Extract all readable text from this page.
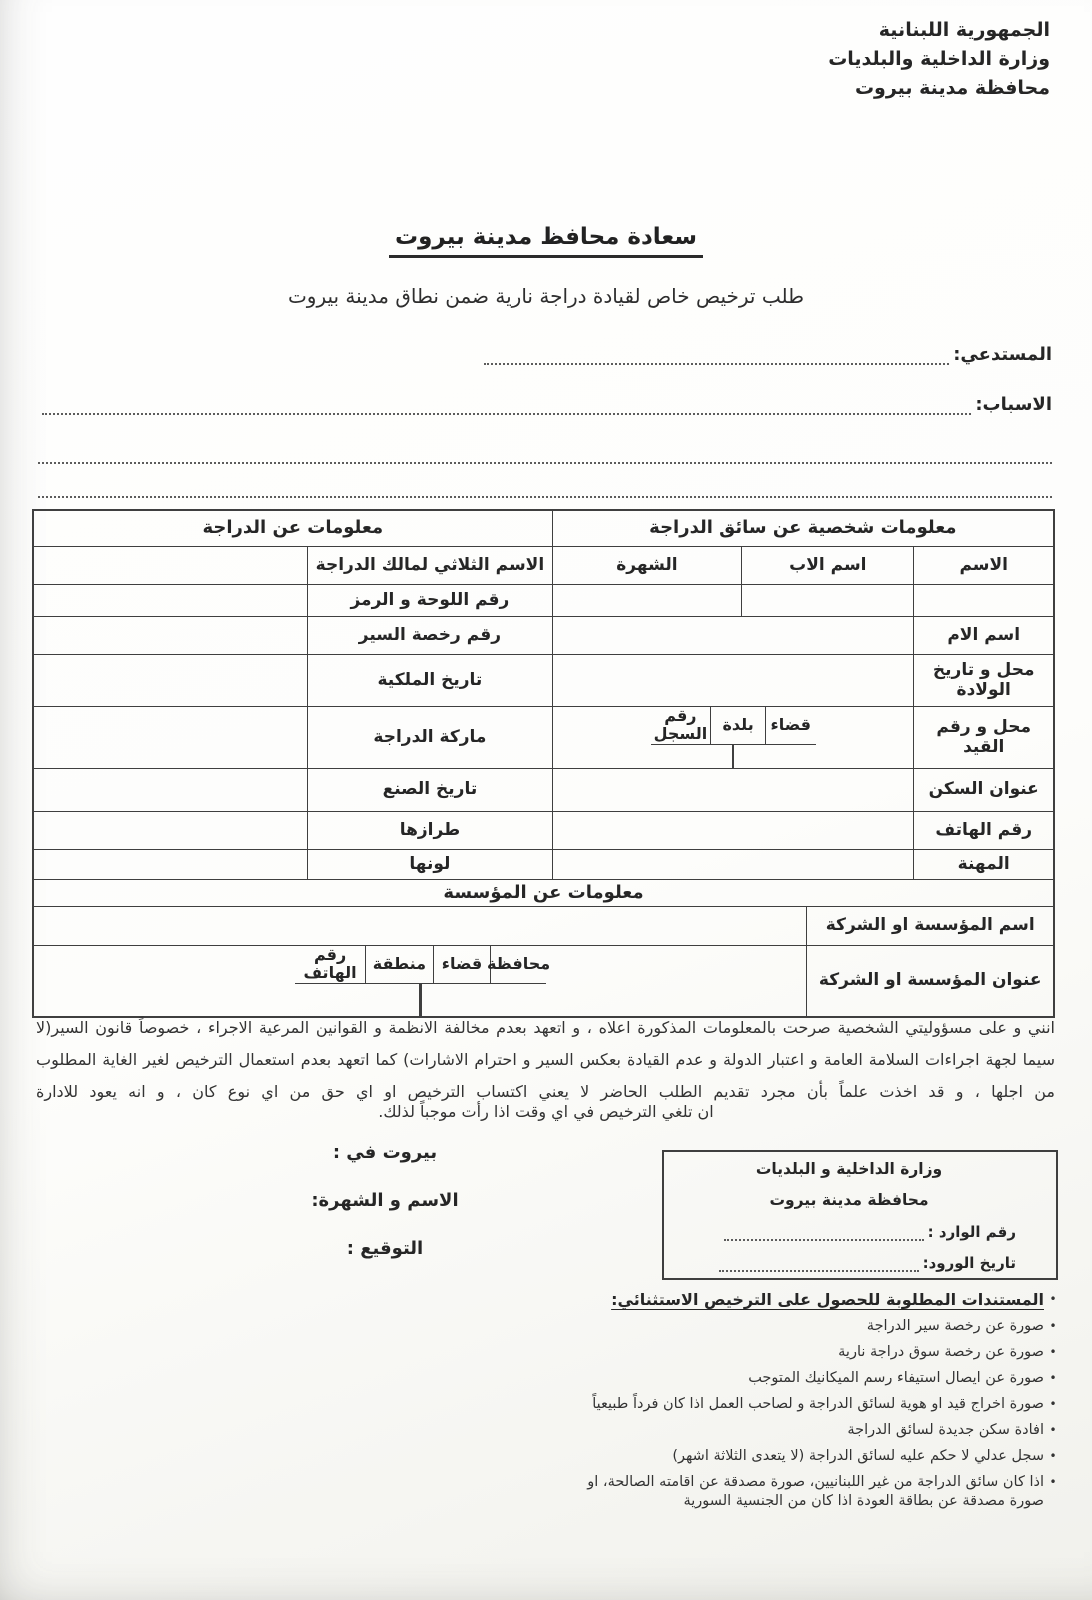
الجمهورية اللبنانية
وزارة الداخلية والبلديات
محافظة مدينة بيروت
سعادة محافظ مدينة بيروت
طلب ترخيص خاص لقيادة دراجة نارية ضمن نطاق مدينة بيروت
المستدعي:
الاسباب:
معلومات شخصية عن سائق الدراجة
معلومات عن الدراجة
الاسم
اسم الاب
الشهرة
الاسم الثلاثي لمالك الدراجة
رقم اللوحة و الرمز
اسم الام
رقم رخصة السير
محل و تاريخ الولادة
تاريخ الملكية
محل و رقم القيد
قضاء
بلدة
رقم السجل
ماركة الدراجة
عنوان السكن
تاريخ الصنع
رقم الهاتف
طرازها
المهنة
لونها
معلومات عن المؤسسة
اسم المؤسسة او الشركة
عنوان المؤسسة او الشركة
محافظة
قضاء
منطقة
رقم الهاتف
انني و على مسؤوليتي الشخصية صرحت بالمعلومات المذكورة اعلاه ، و اتعهد بعدم مخالفة الانظمة و القوانين المرعية الاجراء ، خصوصاً قانون السير(لا سيما لجهة اجراءات السلامة العامة و اعتبار الدولة و عدم القيادة بعكس السير و احترام الاشارات) كما اتعهد بعدم استعمال الترخيص لغير الغاية المطلوب من اجلها ، و قد اخذت علماً بأن مجرد تقديم الطلب الحاضر لا يعني اكتساب الترخيص او اي حق من اي نوع كان ، و انه يعود للادارة
ان تلغي الترخيص في اي وقت اذا رأت موجباً لذلك.
وزارة الداخلية و البلديات
محافظة مدينة بيروت
رقم الوارد :
تاريخ الورود:
بيروت في :
الاسم و الشهرة:
التوقيع :
•
المستندات المطلوبة للحصول على الترخيص الاستثنائي:
•
صورة عن رخصة سير الدراجة
•
صورة عن رخصة سوق دراجة نارية
•
صورة عن ايصال استيفاء رسم الميكانيك المتوجب
•
صورة اخراج قيد او هوية لسائق الدراجة و لصاحب العمل اذا كان فرداً طبيعياً
•
افادة سكن جديدة لسائق الدراجة
•
سجل عدلي لا حكم عليه لسائق الدراجة (لا يتعدى الثلاثة اشهر)
•
اذا كان سائق الدراجة من غير اللبنانيين، صورة مصدقة عن اقامته الصالحة، او صورة مصدقة عن بطاقة العودة اذا كان من الجنسية السورية
